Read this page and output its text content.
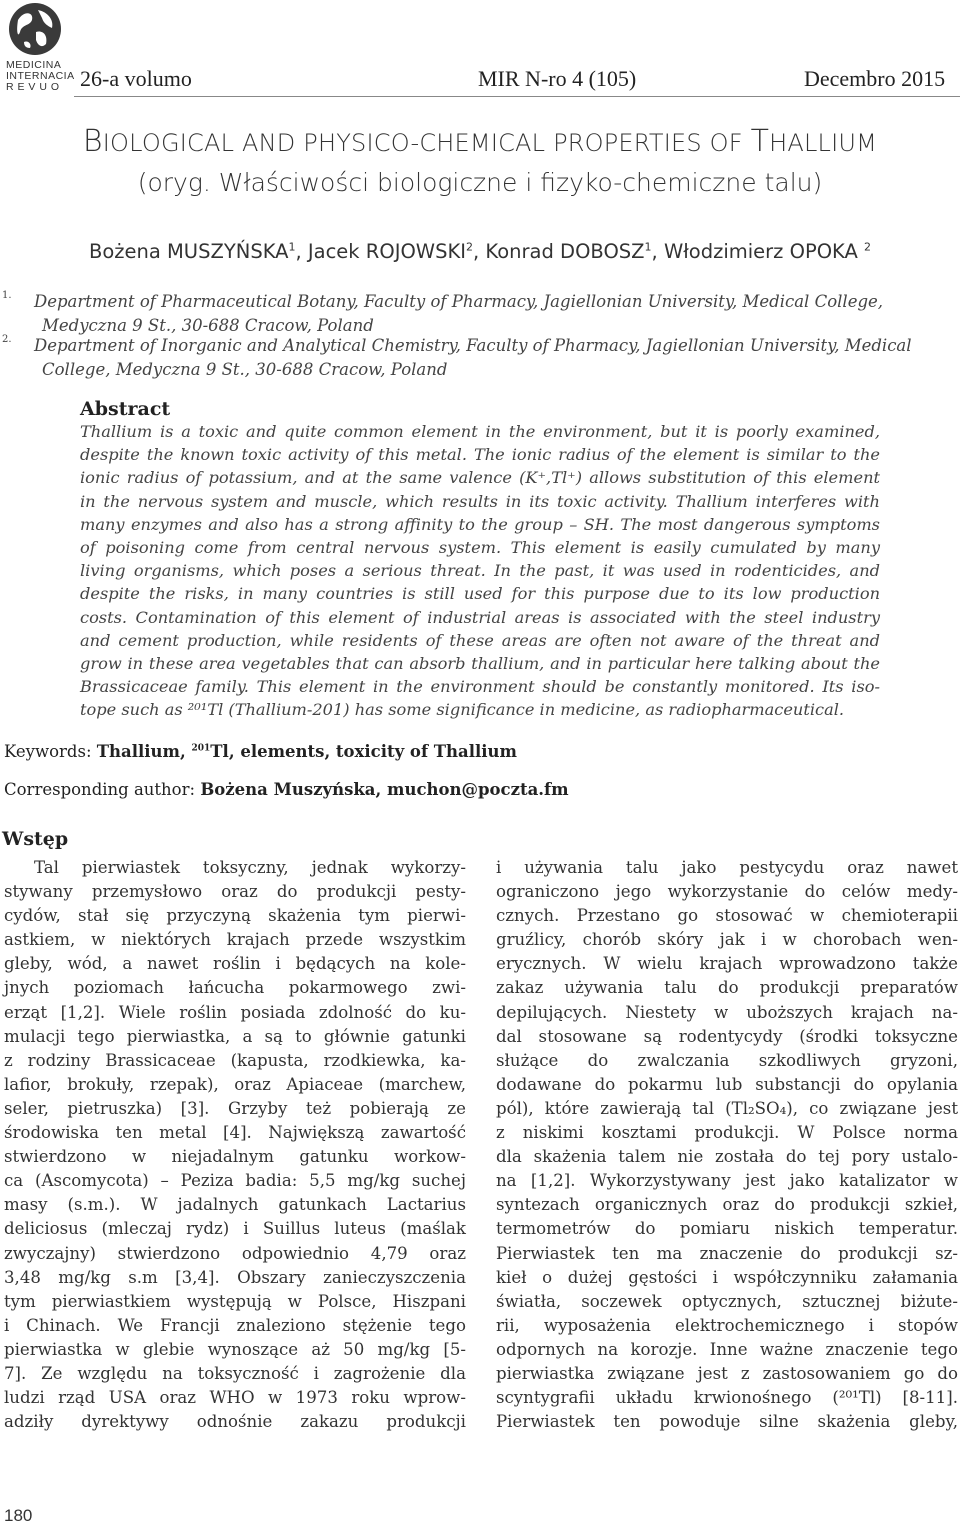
MEDICINA
INTERNACIA
R E V U O 26-a volumo	MIR N-ro 4 (105)	Decembro 2015
BIOLOGICAL AND PHYSICO-CHEMICAL PROPERTIES OF THALLIUM
(oryg. Właściwości biologiczne i fizyko-chemiczne talu)
Bożena MUSZYŃSKA$^1$, Jacek ROJOWSKI$^2$, Konrad DOBOSZ$^1$, Włodzimierz OPOKA $^2$
1. Department of Pharmaceutical Botany, Faculty of Pharmacy, Jagiellonian University, Medical College,
Medyczna 9 St., 30-688 Cracow, Poland
2. Department of Inorganic and Analytical Chemistry, Faculty of Pharmacy, Jagiellonian University, Medical
College, Medyczna 9 St., 30-688 Cracow, Poland
Abstract
Thallium is a toxic and quite common element in the environment, but it is poorly examined,
despite the known toxic activity of this metal. The ionic radius of the element is similar to the
ionic radius of potassium, and at the same valence (K⁺,Tl⁺) allows substitution of this element
in the nervous system and muscle, which results in its toxic activity. Thallium interferes with
many enzymes and also has a strong affinity to the group – SH. The most dangerous symptoms
of poisoning come from central nervous system. This element is easily cumulated by many
living organisms, which poses a serious threat. In the past, it was used in rodenticides, and
despite the risks, in many countries is still used for this purpose due to its low production
costs. Contamination of this element of industrial areas is associated with the steel industry
and cement production, while residents of these areas are often not aware of the threat and
grow in these area vegetables that can absorb thallium, and in particular here talking about the
Brassicaceae family. This element in the environment should be constantly monitored. Its iso-
tope such as ²⁰¹Tl (Thallium-201) has some significance in medicine, as radiopharmaceutical.
Keywords: Thallium, $^{201}$Tl, elements, toxicity of Thallium
Corresponding author: Bożena Muszyńska, muchon@poczta.fm
Wstęp
Tal pierwiastek toksyczny, jednak wykorzy-
stywany przemysłowo oraz do produkcji pesty-
cydów, stał się przyczyną skażenia tym pierwi-
astkiem, w niektórych krajach przede wszystkim
gleby, wód, a nawet roślin i będących na kole-
jnych poziomach łańcucha pokarmowego zwi-
erząt [1,2]. Wiele roślin posiada zdolność do ku-
mulacji tego pierwiastka, a są to głównie gatunki
z rodziny Brassicaceae (kapusta, rzodkiewka, ka-
lafior, brokuły, rzepak), oraz Apiaceae (marchew,
seler, pietruszka) [3]. Grzyby też pobierają ze
środowiska ten metal [4]. Największą zawartość
stwierdzono w niejadalnym gatunku workow-
ca (Ascomycota) – Peziza badia: 5,5 mg/kg suchej
masy (s.m.). W jadalnych gatunkach Lactarius
deliciosus (mleczaj rydz) i Suillus luteus (maślak
zwyczajny) stwierdzono odpowiednio 4,79 oraz
3,48 mg/kg s.m [3,4]. Obszary zanieczyszczenia
tym pierwiastkiem występują w Polsce, Hiszpani
i Chinach. We Francji znaleziono stężenie tego
pierwiastka w glebie wynoszące aż 50 mg/kg [5-
7]. Ze względu na toksyczność i zagrożenie dla
ludzi rząd USA oraz WHO w 1973 roku wprow-
adziły dyrektywy odnośnie zakazu produkcji
i używania talu jako pestycydu oraz nawet
ograniczono jego wykorzystanie do celów medy-
cznych. Przestano go stosować w chemioterapii
gruźlicy, chorób skóry jak i w chorobach wen-
erycznych. W wielu krajach wprowadzono także
zakaz używania talu do produkcji preparatów
depilujących. Niestety w uboższych krajach na-
dal stosowane są rodentycydy (środki toksyczne
służące do zwalczania szkodliwych gryzoni,
dodawane do pokarmu lub substancji do opylania
pól), które zawierają tal (Tl₂SO₄), co związane jest
z niskimi kosztami produkcji. W Polsce norma
dla skażenia talem nie została do tej pory ustalo-
na [1,2]. Wykorzystywany jest jako katalizator w
syntezach organicznych oraz do produkcji szkieł,
termometrów do pomiaru niskich temperatur.
Pierwiastek ten ma znaczenie do produkcji sz-
kieł o dużej gęstości i współczynniku załamania
światła, soczewek optycznych, sztucznej biżute-
rii, wyposażenia elektrochemicznego i stopów
odpornych na korozje. Inne ważne znaczenie tego
pierwiastka związane jest z zastosowaniem go do
scyntygrafii układu krwionośnego (²⁰¹Tl) [8-11].
Pierwiastek ten powoduje silne skażenia gleby,
180
